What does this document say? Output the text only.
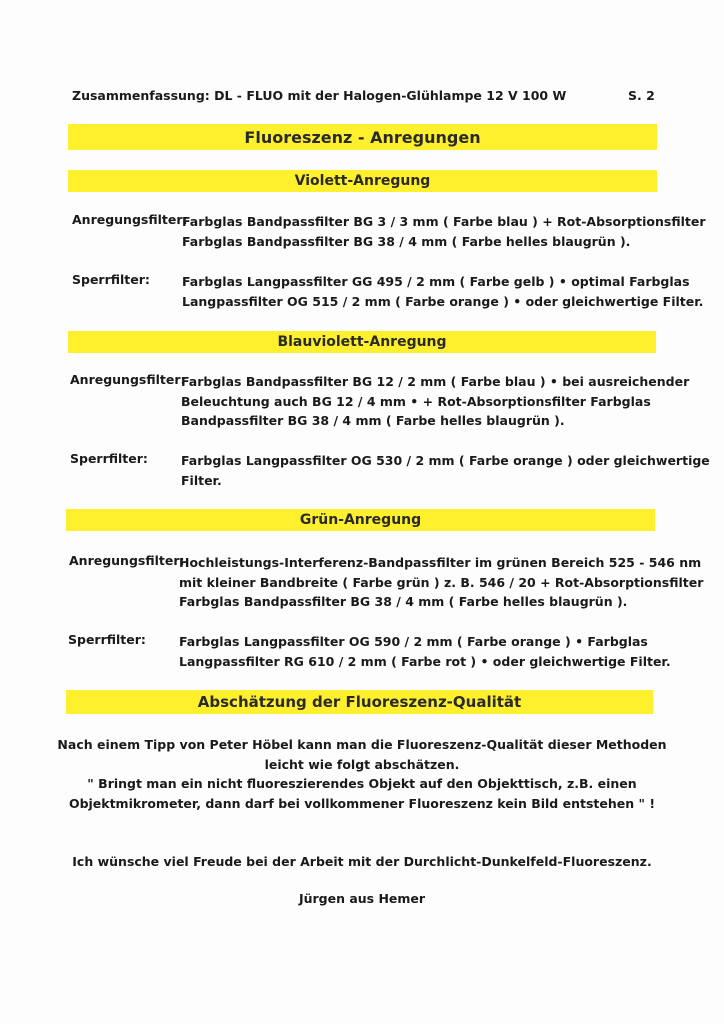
Zusammenfassung: DL - FLUO mit der Halogen-Glühlampe 12 V 100 W	S. 2
Fluoreszenz - Anregungen
Violett-Anregung
Anregungsfilter:
Farbglas Bandpassfilter BG 3 / 3 mm ( Farbe blau ) + Rot-Absorptionsfilter
Farbglas Bandpassfilter BG 38 / 4 mm ( Farbe helles blaugrün ).
Sperrfilter:	Farbglas Langpassfilter GG 495 / 2 mm ( Farbe gelb ) • optimal Farbglas
Langpassfilter OG 515 / 2 mm ( Farbe orange ) • oder gleichwertige Filter.
Blauviolett-Anregung
Anregungsfilter:
Farbglas Bandpassfilter BG 12 / 2 mm ( Farbe blau ) • bei ausreichender
Beleuchtung auch BG 12 / 4 mm • + Rot-Absorptionsfilter Farbglas
Bandpassfilter BG 38 / 4 mm ( Farbe helles blaugrün ).
Sperrfilter:	Farbglas Langpassfilter OG 530 / 2 mm ( Farbe orange ) oder gleichwertige
Filter.
Grün-Anregung
Anregungsfilter:
Hochleistungs-Interferenz-Bandpassfilter im grünen Bereich 525 - 546 nm
mit kleiner Bandbreite ( Farbe grün ) z. B. 546 / 20 + Rot-Absorptionsfilter
Farbglas Bandpassfilter BG 38 / 4 mm ( Farbe helles blaugrün ).
Sperrfilter:	Farbglas Langpassfilter OG 590 / 2 mm ( Farbe orange ) • Farbglas
Langpassfilter RG 610 / 2 mm ( Farbe rot ) • oder gleichwertige Filter.
Abschätzung der Fluoreszenz-Qualität
Nach einem Tipp von Peter Höbel kann man die Fluoreszenz-Qualität dieser Methoden
leicht wie folgt abschätzen.
" Bringt man ein nicht fluoreszierendes Objekt auf den Objekttisch, z.B. einen
Objektmikrometer, dann darf bei vollkommener Fluoreszenz kein Bild entstehen " !
Ich wünsche viel Freude bei der Arbeit mit der Durchlicht-Dunkelfeld-Fluoreszenz.
Jürgen aus Hemer
